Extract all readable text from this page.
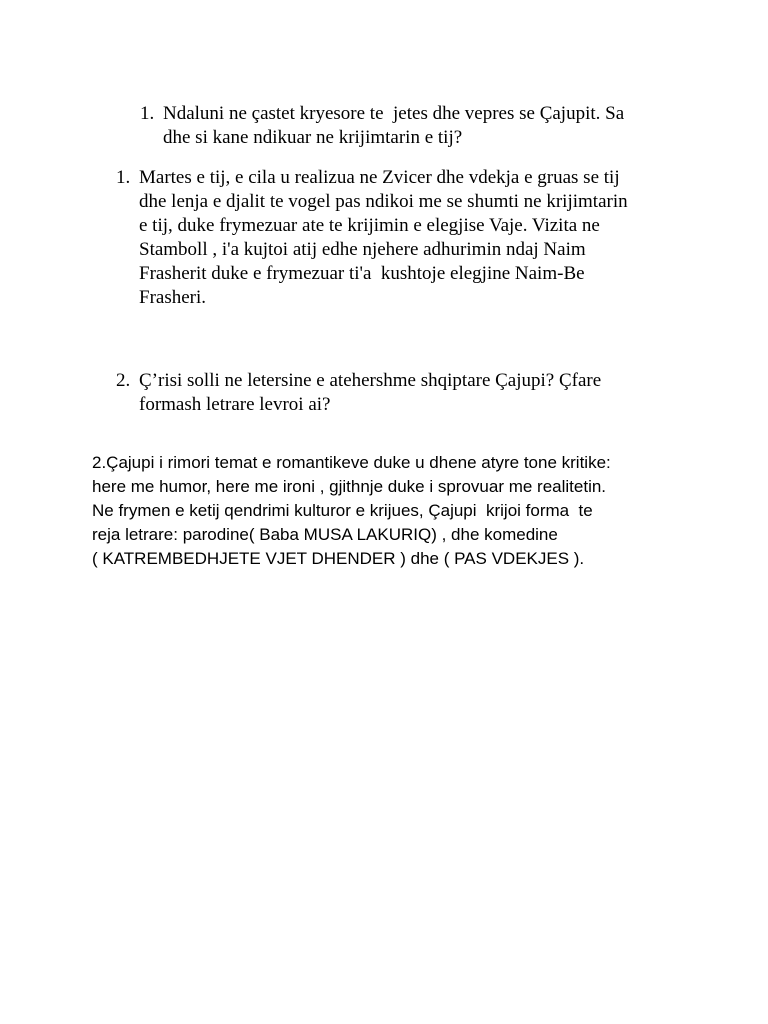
1. Ndaluni ne çastet kryesore te  jetes dhe vepres se Çajupit. Sa
dhe si kane ndikuar ne krijimtarin e tij?
1. Martes e tij, e cila u realizua ne Zvicer dhe vdekja e gruas se tij
dhe lenja e djalit te vogel pas ndikoi me se shumti ne krijimtarin
e tij, duke frymezuar ate te krijimin e elegjise Vaje. Vizita ne
Stamboll , i'a kujtoi atij edhe njehere adhurimin ndaj Naim
Frasherit duke e frymezuar ti'a  kushtoje elegjine Naim-Be
Frasheri.
2. Ç’risi solli ne letersine e atehershme shqiptare Çajupi? Çfare
formash letrare levroi ai?
2.Çajupi i rimori temat e romantikeve duke u dhene atyre tone kritike:
here me humor, here me ironi , gjithnje duke i sprovuar me realitetin.
Ne frymen e ketij qendrimi kulturor e krijues, Çajupi  krijoi forma  te
reja letrare: parodine( Baba MUSA LAKURIQ) , dhe komedine
( KATREMBEDHJETE VJET DHENDER ) dhe ( PAS VDEKJES ).
